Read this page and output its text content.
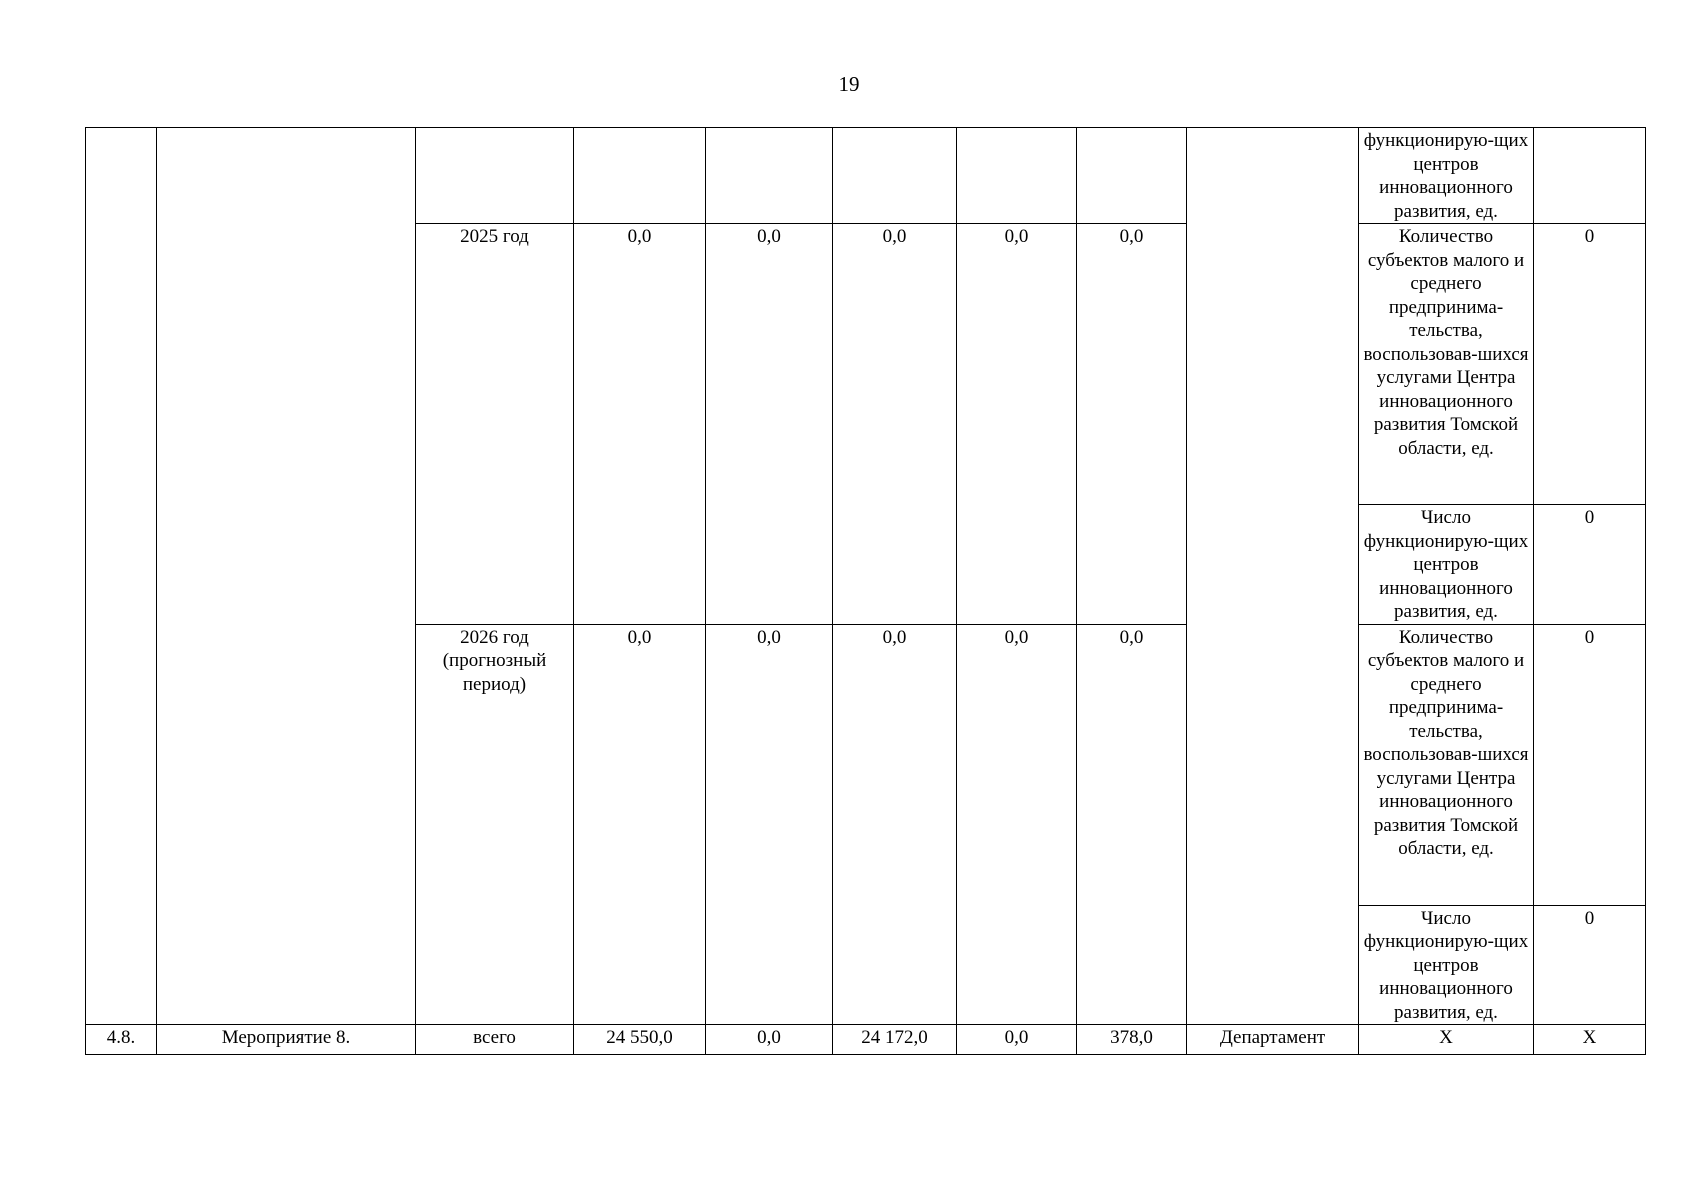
19
									функционирую-щих центров инновационного развития, ед.	
		2025 год	0,0	0,0	0,0	0,0	0,0		Количество субъектов малого и среднего предпринима-тельства, воспользовав-шихся услугами Центра инновационного развития Томской области, ед.	0
									Число функционирую-щих центров инновационного развития, ед.	0
		2026 год (прогнозный период)	0,0	0,0	0,0	0,0	0,0		Количество субъектов малого и среднего предпринима-тельства, воспользовав-шихся услугами Центра инновационного развития Томской области, ед.	0
									Число функционирую-щих центров инновационного развития, ед.	0

4.8.	Мероприятие 8.	всего	24 550,0	0,0	24 172,0	0,0	378,0	Департамент	X	X
